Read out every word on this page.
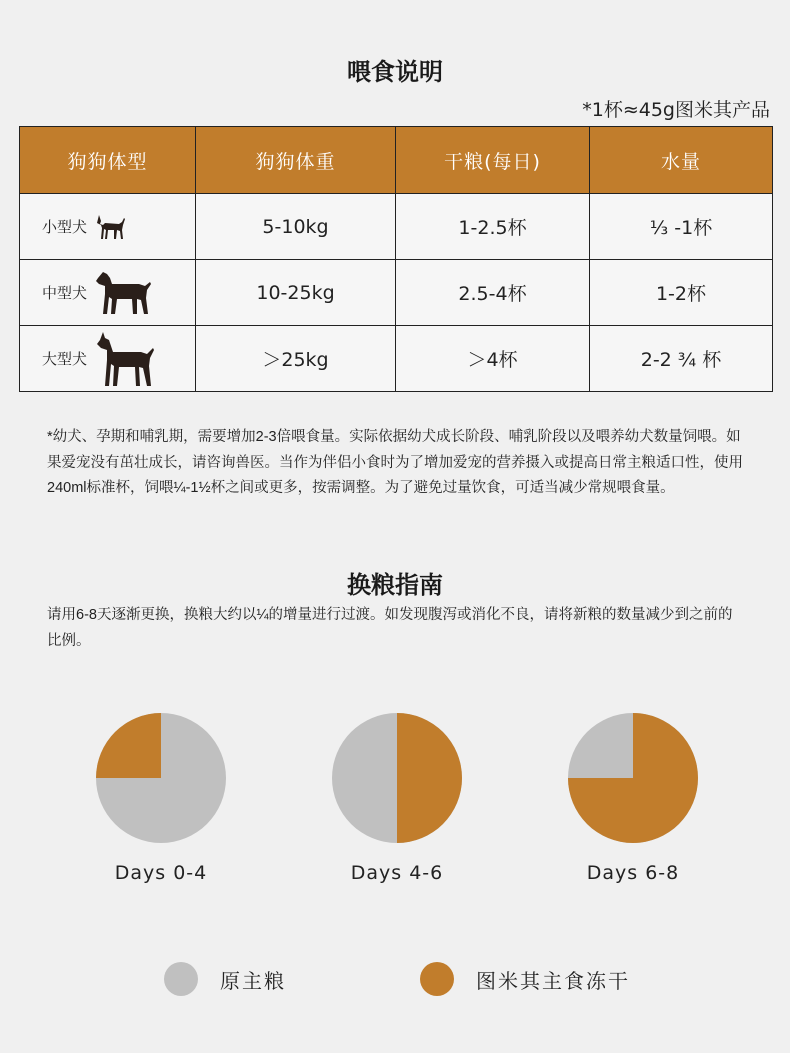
喂食说明
*1杯≈45g图米其产品
狗狗体型	狗狗体重	干粮(每日)	水量

小型犬	5-10kg	1-2.5杯	⅓ -1杯

中型犬	10-25kg	2.5-4杯	1-2杯

大型犬	＞25kg	＞4杯	2-2 ¾ 杯
*幼犬、孕期和哺乳期，需要增加2-3倍喂食量。实际依据幼犬成长阶段、哺乳阶段以及喂养幼犬数量饲喂。如果爱宠没有茁壮成长，请咨询兽医。当作为伴侣小食时为了增加爱宠的营养摄入或提高日常主粮适口性，使用240ml标准杯，饲喂¼-1½杯之间或更多，按需调整。为了避免过量饮食，可适当减少常规喂食量。
换粮指南
请用6-8天逐渐更换，换粮大约以¼的增量进行过渡。如发现腹泻或消化不良，请将新粮的数量减少到之前的比例。
Days 0-4	Days 4-6	Days 6-8
原主粮	图米其主食冻干
